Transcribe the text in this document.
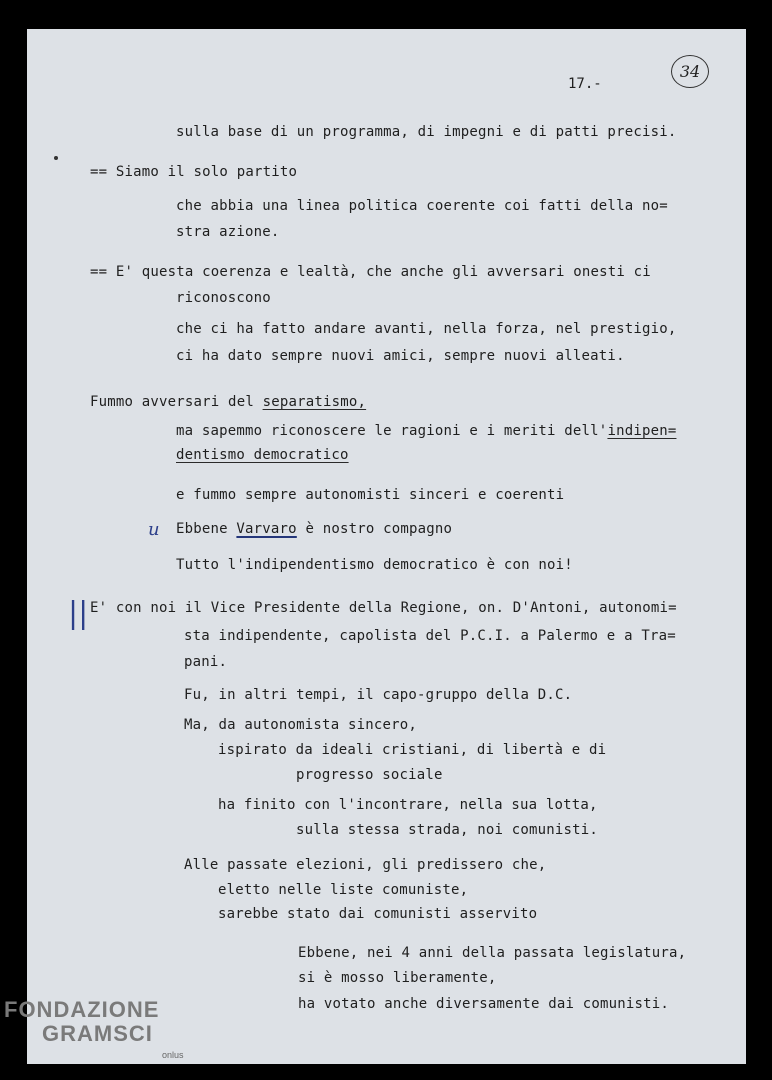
17.-
34
sulla base di un programma, di impegni e di patti precisi.
== Siamo il solo partito
che abbia una linea politica coerente coi fatti della no=
stra azione.
== E' questa coerenza e lealtà, che anche gli avversari onesti ci
riconoscono
che ci ha fatto andare avanti, nella forza, nel prestigio,
ci ha dato sempre nuovi amici, sempre nuovi alleati.
Fummo avversari del separatismo,
ma sapemmo riconoscere le ragioni e i meriti dell'indipen=
dentismo democratico
e fummo sempre autonomisti sinceri e coerenti
u Ebbene Varvaro è nostro compagno
Tutto l'indipendentismo democratico è con noi!
|| E' con noi il Vice Presidente della Regione, on. D'Antoni, autonomi=
sta indipendente, capolista del P.C.I. a Palermo e a Tra=
pani.
Fu, in altri tempi, il capo-gruppo della D.C.
Ma, da autonomista sincero,
ispirato da ideali cristiani, di libertà e di
progresso sociale
ha finito con l'incontrare, nella sua lotta,
sulla stessa strada, noi comunisti.
Alle passate elezioni, gli predissero che,
eletto nelle liste comuniste,
sarebbe stato dai comunisti asservito
Ebbene, nei 4 anni della passata legislatura,
si è mosso liberamente,
ha votato anche diversamente dai comunisti.
FONDAZIONE
GRAMSCI
onlus
